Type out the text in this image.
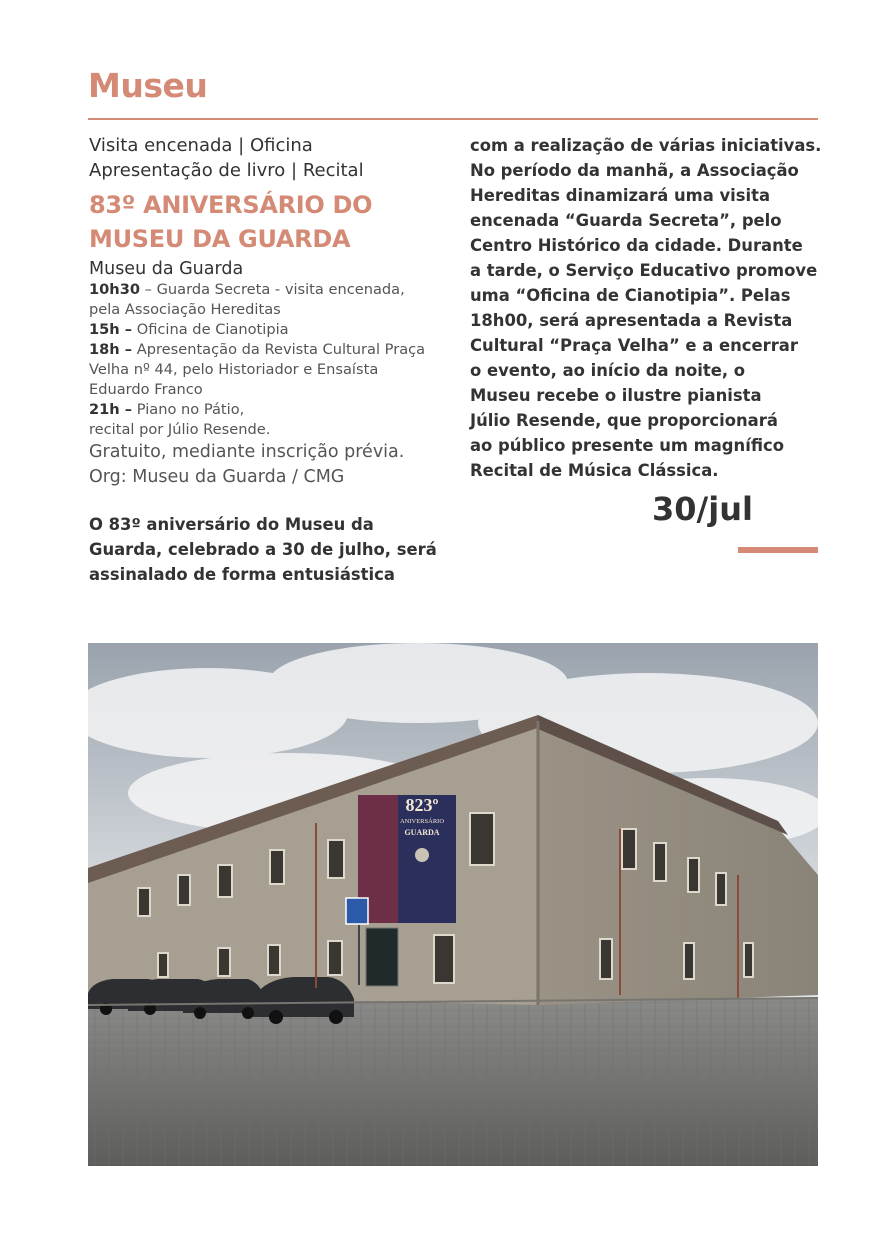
Museu
Visita encenada | Oficina
Apresentação de livro | Recital
83º ANIVERSÁRIO DO
MUSEU DA GUARDA
Museu da Guarda

10h30 – Guarda Secreta - visita encenada,
pela Associação Hereditas

15h – Oficina de Cianotipia

18h – Apresentação da Revista Cultural Praça
Velha nº 44, pelo Historiador e Ensaísta
Eduardo Franco

21h – Piano no Pátio,
recital por Júlio Resende.

Gratuito, mediante inscrição prévia.
Org: Museu da Guarda / CMG
O 83º aniversário do Museu da
Guarda, celebrado a 30 de julho, será
assinalado de forma entusiástica
com a realização de várias iniciativas.
No período da manhã, a Associação
Hereditas dinamizará uma visita
encenada “Guarda Secreta”, pelo
Centro Histórico da cidade. Durante
a tarde, o Serviço Educativo promove
uma “Oficina de Cianotipia”. Pelas
18h00, será apresentada a Revista
Cultural “Praça Velha” e a encerrar
o evento, ao início da noite, o
Museu recebe o ilustre pianista
Júlio Resende, que proporcionará
ao público presente um magnífico
Recital de Música Clássica.
30/jul
823º
ANIVERSÁRIO
GUARDA
